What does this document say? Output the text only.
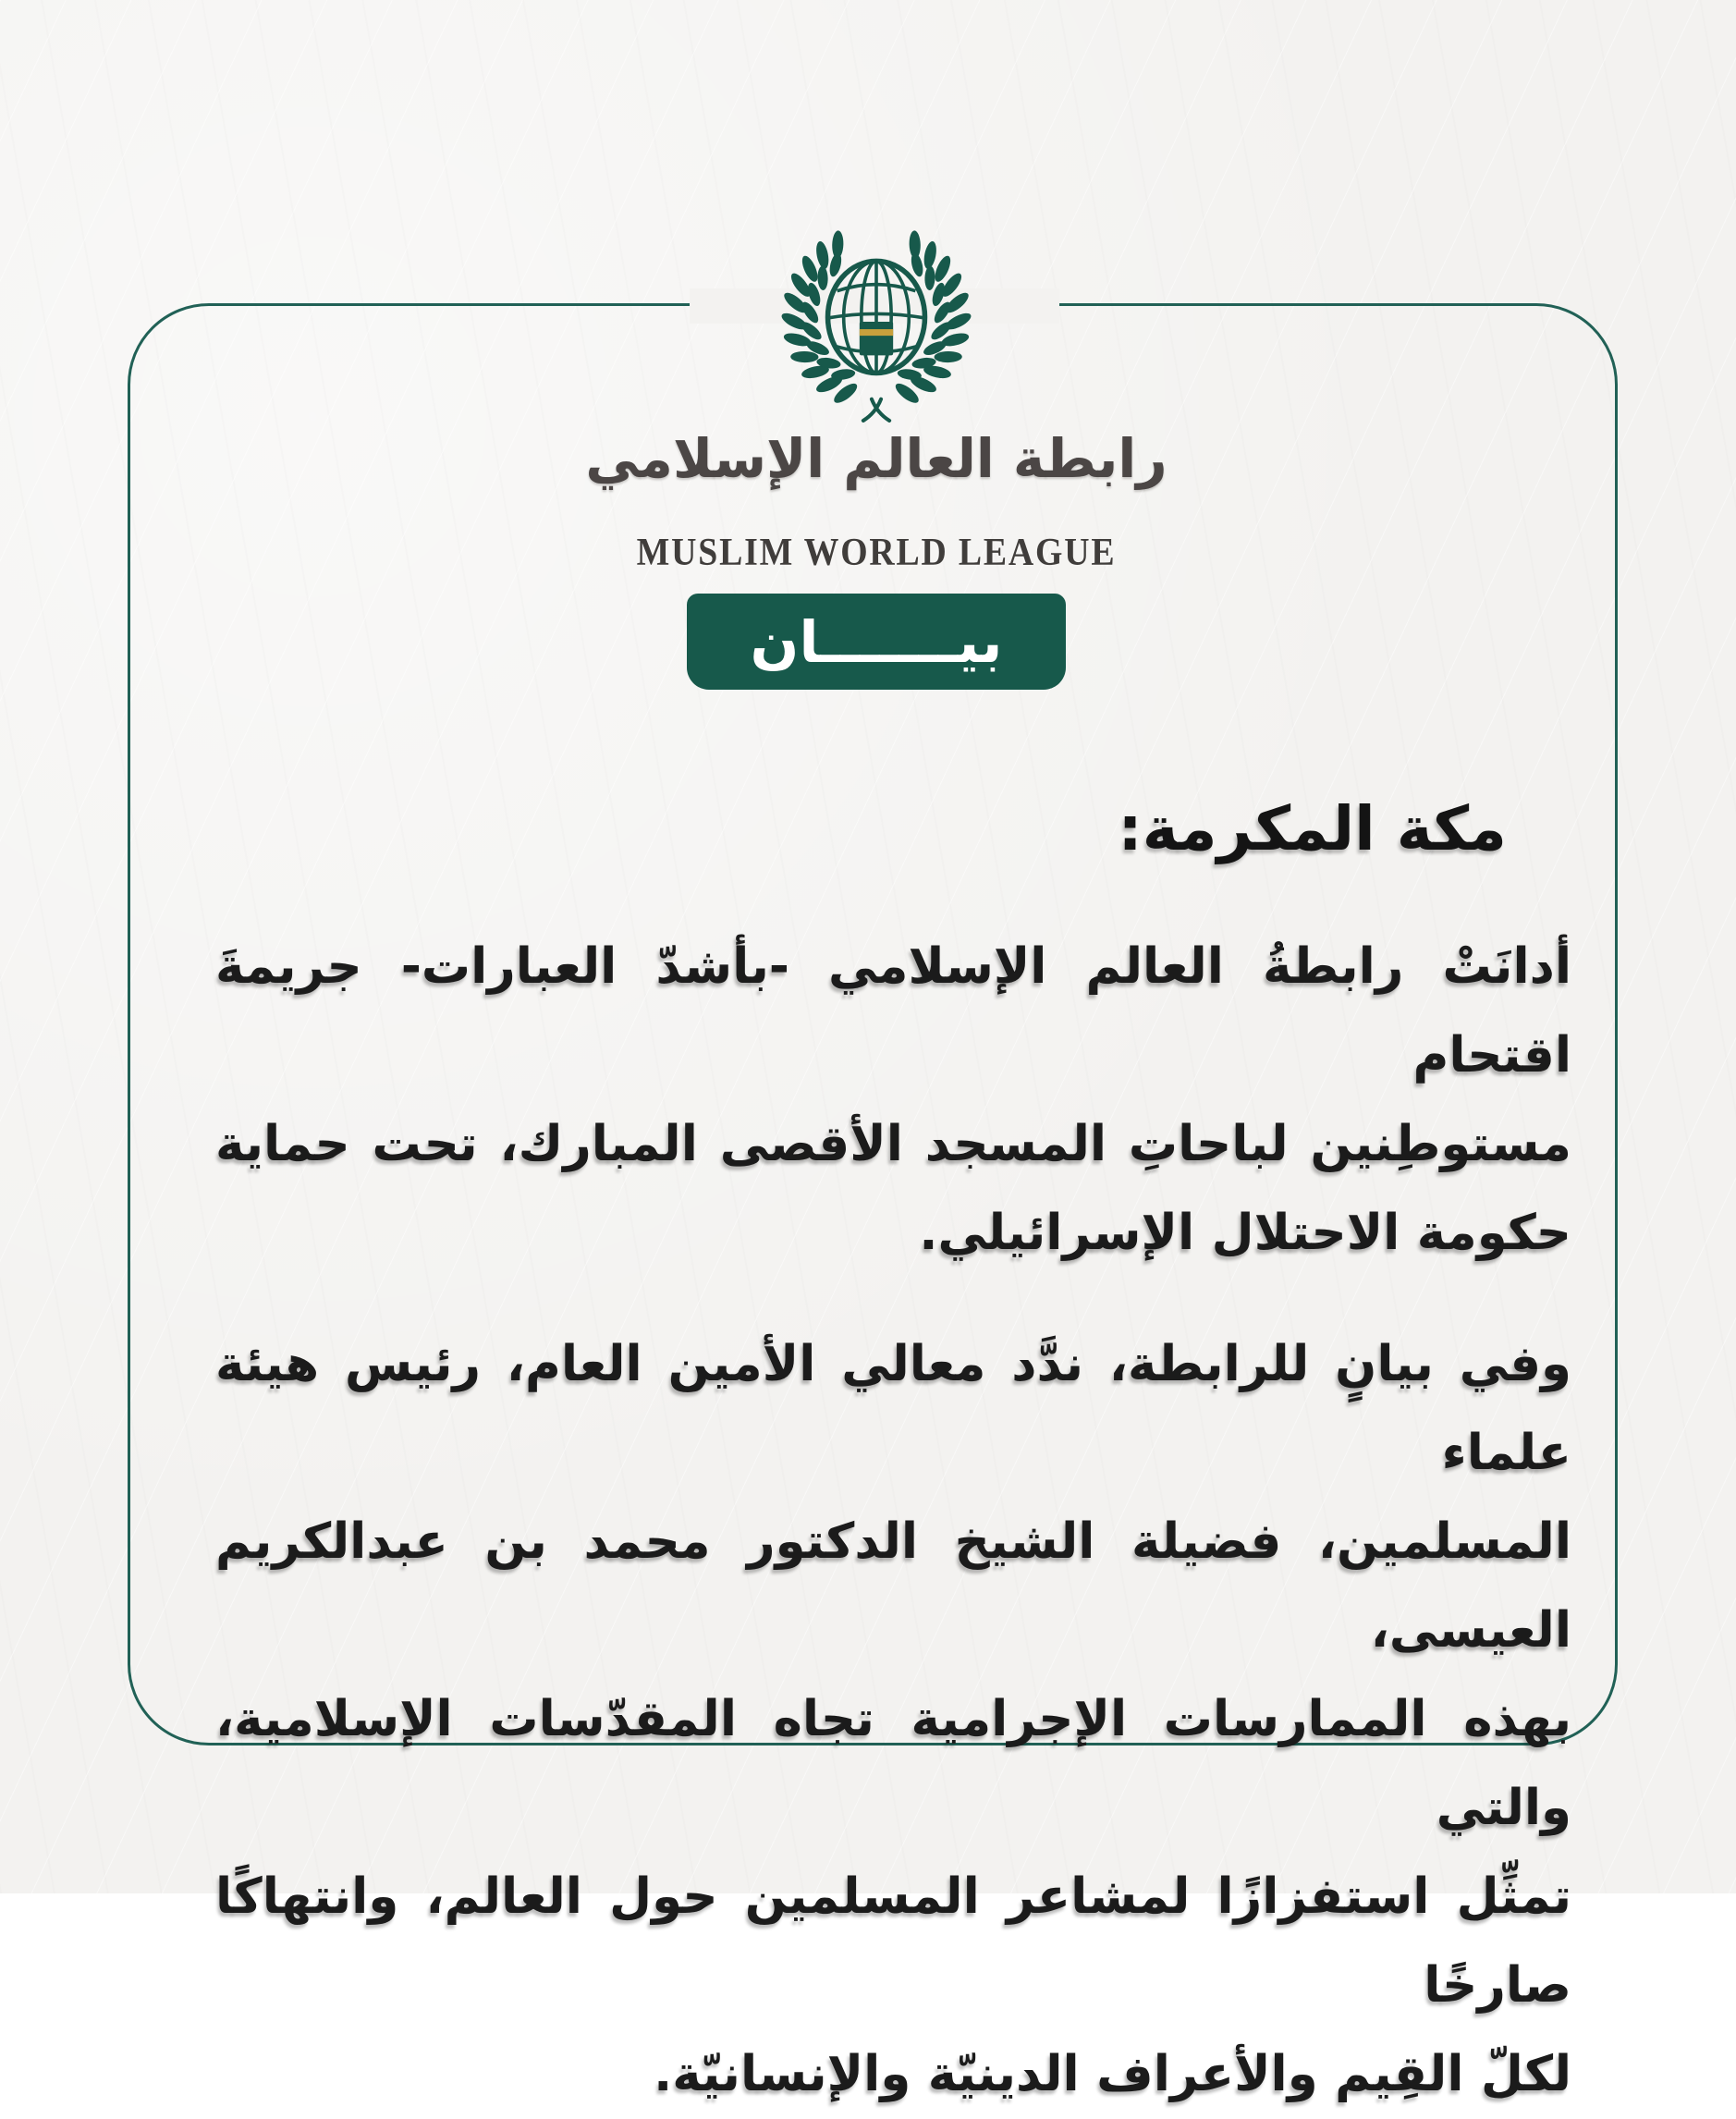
رابطة العالم الإسلامي
MUSLIM WORLD LEAGUE
بيـــــــان
مكة المكرمة:
أدانَتْ رابطةُ العالم الإسلامي -بأشدّ العبارات- جريمةَ اقتحام
مستوطِنين لباحاتِ المسجد الأقصى المبارك، تحت حماية
حكومة الاحتلال الإسرائيلي.
وفي بيانٍ للرابطة، ندَّد معالي الأمين العام، رئيس هيئة علماء
المسلمين، فضيلة الشيخ الدكتور محمد بن عبدالكريم العيسى،
بهذه الممارسات الإجرامية تجاه المقدّسات الإسلامية، والتي
تمثِّل استفزازًا لمشاعر المسلمين حول العالم، وانتهاكًا صارخًا
لكلّ القِيم والأعراف الدينيّة والإنسانيّة.
